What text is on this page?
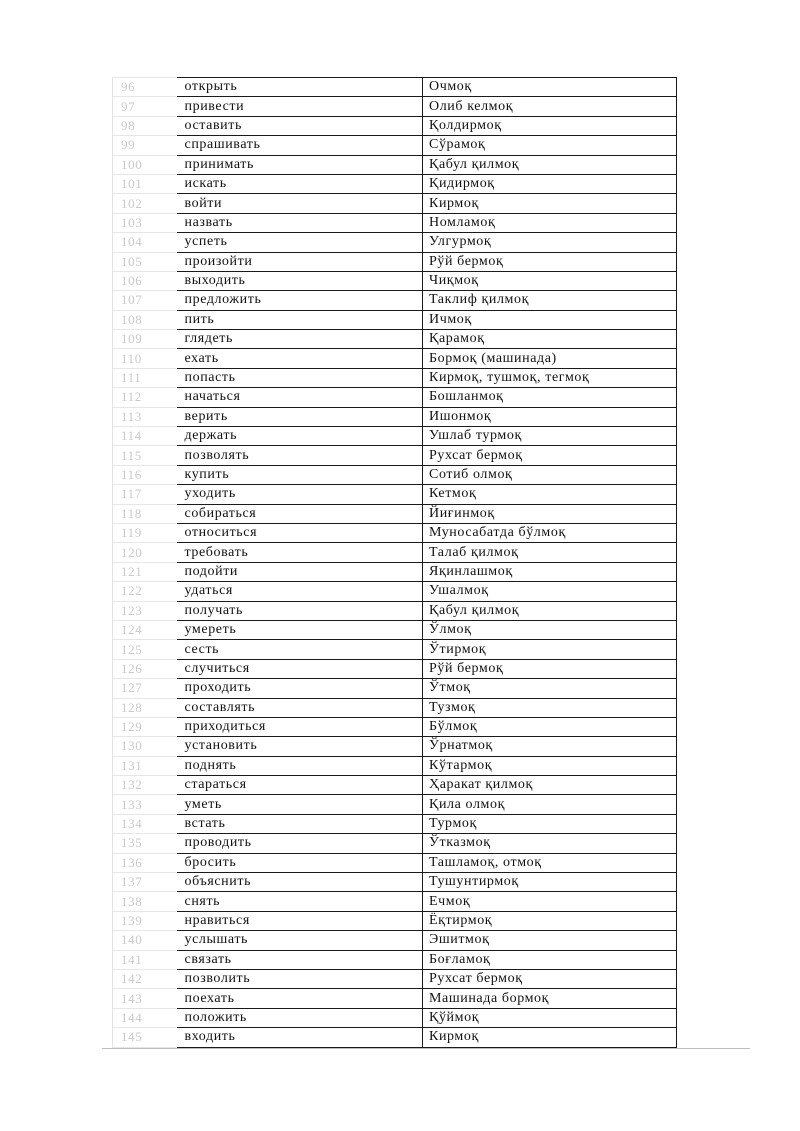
96	открыть	Очмоқ
97	привести	Олиб келмоқ
98	оставить	Қолдирмоқ
99	спрашивать	Сўрамоқ
100	принимать	Қабул қилмоқ
101	искать	Қидирмоқ
102	войти	Кирмоқ
103	назвать	Номламоқ
104	успеть	Улгурмоқ
105	произойти	Рўй бермоқ
106	выходить	Чиқмоқ
107	предложить	Таклиф қилмоқ
108	пить	Ичмоқ
109	глядеть	Қарамоқ
110	ехать	Бормоқ (машинада)
111	попасть	Кирмоқ, тушмоқ, тегмоқ
112	начаться	Бошланмоқ
113	верить	Ишонмоқ
114	держать	Ушлаб турмоқ
115	позволять	Рухсат бермоқ
116	купить	Сотиб олмоқ
117	уходить	Кетмоқ
118	собираться	Йиғинмоқ
119	относиться	Муносабатда бўлмоқ
120	требовать	Талаб қилмоқ
121	подойти	Яқинлашмоқ
122	удаться	Ушалмоқ
123	получать	Қабул қилмоқ
124	умереть	Ўлмоқ
125	сесть	Ўтирмоқ
126	случиться	Рўй бермоқ
127	проходить	Ўтмоқ
128	составлять	Тузмоқ
129	приходиться	Бўлмоқ
130	установить	Ўрнатмоқ
131	поднять	Кўтармоқ
132	стараться	Ҳаракат қилмоқ
133	уметь	Қила олмоқ
134	встать	Турмоқ
135	проводить	Ўтказмоқ
136	бросить	Ташламоқ, отмоқ
137	объяснить	Тушунтирмоқ
138	снять	Ечмоқ
139	нравиться	Ёқтирмоқ
140	услышать	Эшитмоқ
141	связать	Боғламоқ
142	позволить	Рухсат бермоқ
143	поехать	Машинада бормоқ
144	положить	Қўймоқ
145	входить	Кирмоқ
